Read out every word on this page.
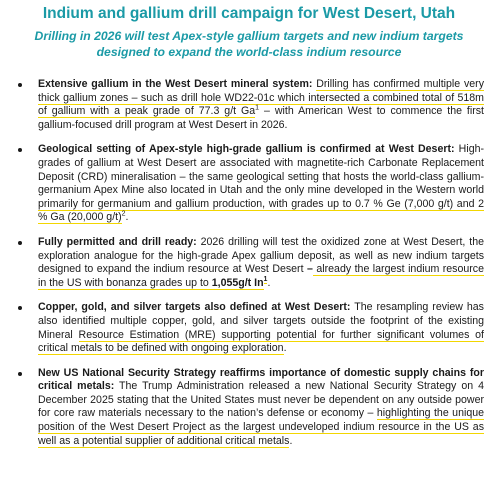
Indium and gallium drill campaign for West Desert, Utah
Drilling in 2026 will test Apex-style gallium targets and new indium targets
designed to expand the world-class indium resource
Extensive gallium in the West Desert mineral system: Drilling has confirmed multiple very thick gallium zones – such as drill hole WD22-01c which intersected a combined total of 518m of gallium with a peak grade of 77.3 g/t Ga$^1$ – with American West to commence the first gallium-focused drill program at West Desert in 2026.
Geological setting of Apex-style high-grade gallium is confirmed at West Desert: High-grades of gallium at West Desert are associated with magnetite-rich Carbonate Replacement Deposit (CRD) mineralisation – the same geological setting that hosts the world-class gallium-germanium Apex Mine also located in Utah and the only mine developed in the Western world primarily for germanium and gallium production, with grades up to 0.7 % Ge (7,000 g/t) and 2 % Ga (20,000 g/t)$^2$.
Fully permitted and drill ready: 2026 drilling will test the oxidized zone at West Desert, the exploration analogue for the high-grade Apex gallium deposit, as well as new indium targets designed to expand the indium resource at West Desert – already the largest indium resource in the US with bonanza grades up to 1,055g/t In$^1$.
Copper, gold, and silver targets also defined at West Desert: The resampling review has also identified multiple copper, gold, and silver targets outside the footprint of the existing Mineral Resource Estimation (MRE) supporting potential for further significant volumes of critical metals to be defined with ongoing exploration.
New US National Security Strategy reaffirms importance of domestic supply chains for critical metals: The Trump Administration released a new National Security Strategy on 4 December 2025 stating that the United States must never be dependent on any outside power for core raw materials necessary to the nation’s defense or economy – highlighting the unique position of the West Desert Project as the largest undeveloped indium resource in the US as well as a potential supplier of additional critical metals.
